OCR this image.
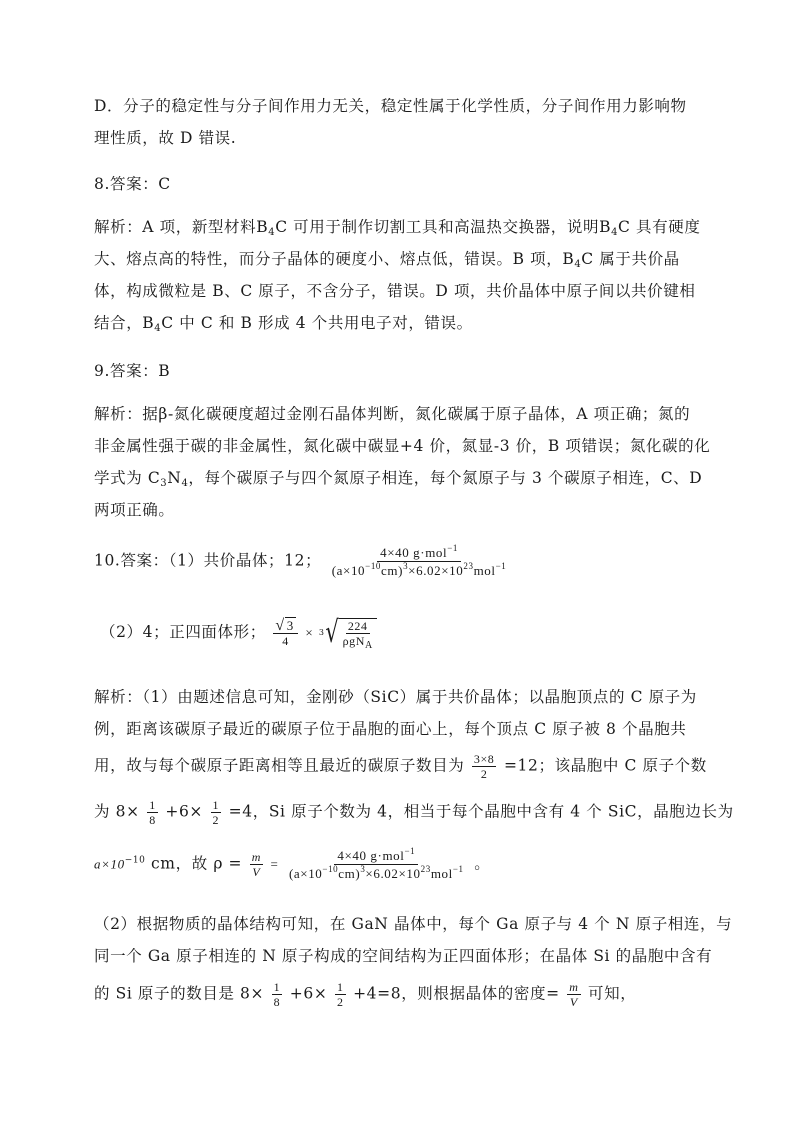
D．分子的稳定性与分子间作用力无关，稳定性属于化学性质，分子间作用力影响物
理性质，故 D 错误.
8.答案：C
解析：A 项，新型材料$B_4C$ 可用于制作切割工具和高温热交换器，说明$B_4C$ 具有硬度
大、熔点高的特性，而分子晶体的硬度小、熔点低，错误。B 项，$B_4C$ 属于共价晶
体，构成微粒是 B、C 原子，不含分子，错误。D 项，共价晶体中原子间以共价键相
结合，$B_4C$ 中 C 和 B 形成 4 个共用电子对，错误。
9.答案：B
解析：据β-氮化碳硬度超过金刚石晶体判断，氮化碳属于原子晶体，A 项正确；氮的
非金属性强于碳的非金属性，氮化碳中碳显+4 价，氮显-3 价，B 项错误；氮化碳的化
学式为 $C_3N_4$，每个碳原子与四个氮原子相连，每个氮原子与 3 个碳原子相连，C、D
两项正确。
10.答案：（1）共价晶体；12； $\frac{4\times 40 g\cdot mol^{-1}}{(a\times 10^{-10}cm)^3\times 6.02\times 10^{23}mol^{-1}}$
（2）4；正四面体形； $\frac{√ 3}{4} \times 3$ √ $\frac{224}{\rho gN_A}$
解析：（1）由题述信息可知，金刚砂（SiC）属于共价晶体；以晶胞顶点的 C 原子为
例，距离该碳原子最近的碳原子位于晶胞的面心上，每个顶点 C 原子被 8 个晶胞共
用，故与每个碳原子距离相等且最近的碳原子数目为 $\frac{3\times 8}{2} =12$；该晶胞中 C 原子个数
为 $8\times \frac{1}{8} +6\times \frac{1}{2} =4$，Si 原子个数为 4，相当于每个晶胞中含有 4 个 SiC，晶胞边长为
$a\times 10^{-10}$ cm，故 $\rho = \frac{m}{V} = \frac{4\times 40 g\cdot mol^{-1}}{(a\times 10^{-10}cm)^3\times 6.02\times 10^{23}mol^{-1}}$ 。
（2）根据物质的晶体结构可知，在 GaN 晶体中，每个 Ga 原子与 4 个 N 原子相连，与
同一个 Ga 原子相连的 N 原子构成的空间结构为正四面体形；在晶体 Si 的晶胞中含有
的 Si 原子的数目是 $8\times \frac{1}{8} +6\times \frac{1}{2} +4=8$，则根据晶体的密度= $\frac{m}{V}$ 可知，
